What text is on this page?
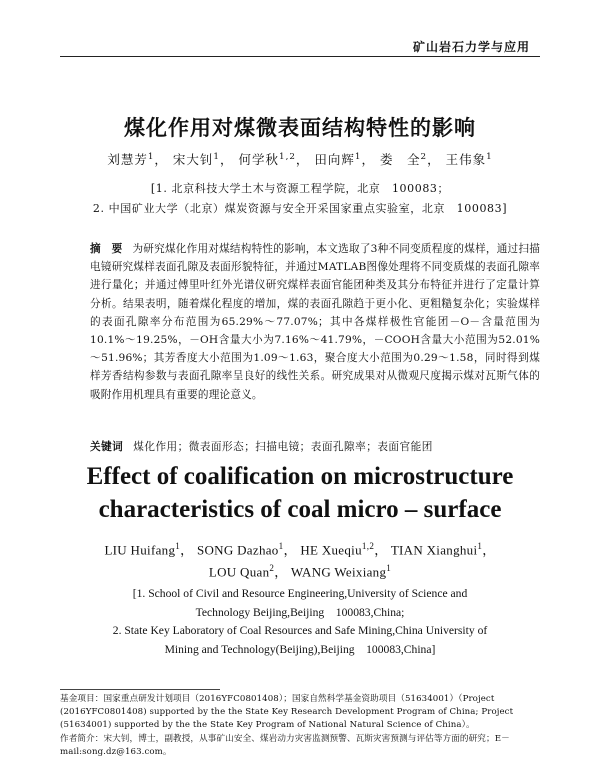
矿山岩石力学与应用
煤化作用对煤微表面结构特性的影响
刘慧芳$^1$， 宋大钊$^1$， 何学秋$^{1,2}$， 田向辉$^1$， 娄　全$^2$， 王伟象$^1$
[1. 北京科技大学土木与资源工程学院，北京　100083；
2. 中国矿业大学（北京）煤炭资源与安全开采国家重点实验室，北京　100083]
摘　要 为研究煤化作用对煤结构特性的影响，本文选取了3种不同变质程度的煤样，通过扫描电镜研究煤样表面孔隙及表面形貌特征，并通过MATLAB图像处理将不同变质煤的表面孔隙率进行量化；并通过傅里叶红外光谱仪研究煤样表面官能团种类及其分布特征并进行了定量计算分析。结果表明，随着煤化程度的增加，煤的表面孔隙趋于更小化、更粗糙复杂化；实验煤样的表面孔隙率分布范围为65.29%～77.07%；其中各煤样极性官能团－O－含量范围为10.1%～19.25%，－OH含量大小为7.16%～41.79%，－COOH含量大小范围为52.01%～51.96%；其芳香度大小范围为1.09～1.63，聚合度大小范围为0.29～1.58，同时得到煤样芳香结构参数与表面孔隙率呈良好的线性关系。研究成果对从微观尺度揭示煤对瓦斯气体的吸附作用机理具有重要的理论意义。
关键词 煤化作用；微表面形态；扫描电镜；表面孔隙率；表面官能团
Effect of coalification on microstructure
characteristics of coal micro – surface
LIU Huifang$^1$， SONG Dazhao$^1$， HE Xueqiu$^{1,2}$， TIAN Xianghui$^1$，
LOU Quan$^2$， WANG Weixiang$^1$
[1. School of Civil and Resource Engineering,University of Science and
Technology Beijing,Beijing　100083,China;
2. State Key Laboratory of Coal Resources and Safe Mining,China University of
Mining and Technology(Beijing),Beijing　100083,China]

基金项目：国家重点研发计划项目（2016YFC0801408）；国家自然科学基金资助项目（51634001）（Project (2016YFC0801408) supported by the the State Key Research Development Program of China; Project (51634001) supported by the the State Key Program of National Natural Science of China）。

作者简介：宋大钊，博士，副教授，从事矿山安全、煤岩动力灾害监测预警、瓦斯灾害预测与评估等方面的研究；E－mail:song.dz@163.com。
